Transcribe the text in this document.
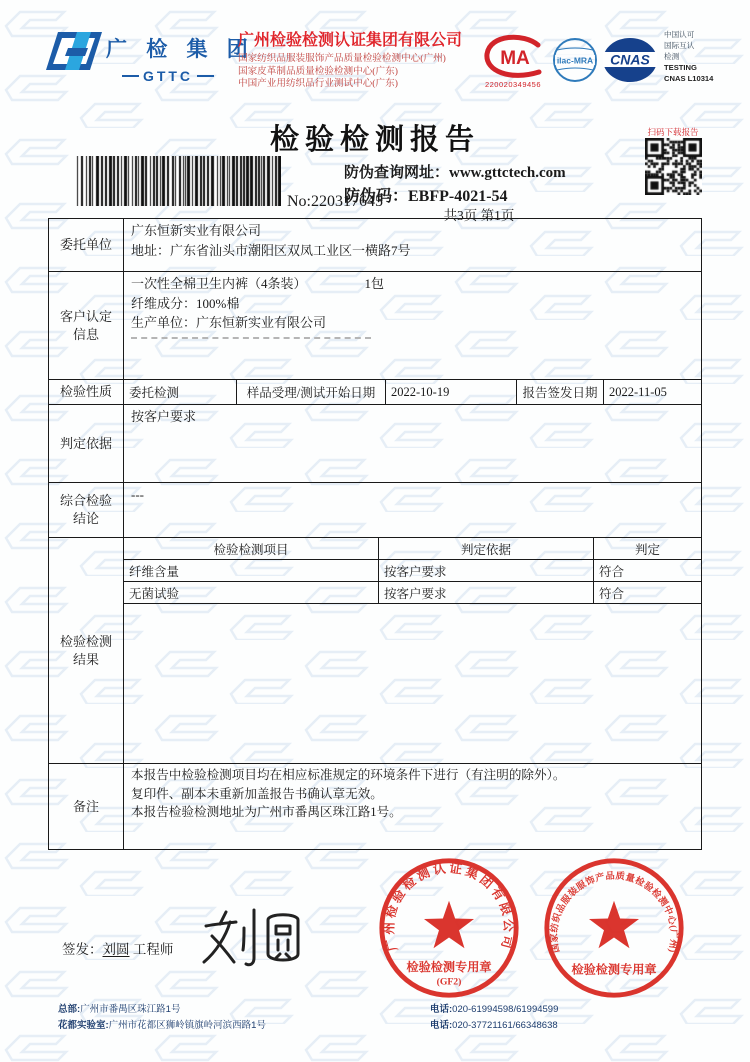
广 检 集 团
GTTC
广州检验检测认证集团有限公司
国家纺织品服装服饰产品质量检验检测中心(广州)
国家皮革制品质量检验检测中心(广东)
中国产业用纺织品行业测试中心(广东)
MA
220020349456
ilac-MRA CNAS
中国认可
国际互认
检测
TESTING
CNAS L10314
检验检测报告
No:220317645
防伪查询网址：www.gttctech.com
防伪码：EBFP-4021-54
共3页 第1页
扫码下载报告
委托单位
广东恒新实业有限公司
地址：广东省汕头市潮阳区双凤工业区一横路7号
客户认定信息
一次性全棉卫生内裤（4条装）	1包
纤维成分：100%棉
生产单位：广东恒新实业有限公司
检验性质	委托检测	样品受理/测试开始日期	2022-10-19	报告签发日期 2022-11-05
判定依据
按客户要求
综合检验结论
---
检验检测结果
检验检测项目	判定依据	判定
纤维含量	按客户要求	符合
无菌试验	按客户要求	符合
备注
本报告中检验检测项目均在相应标准规定的环境条件下进行（有注明的除外）。
复印件、副本未重新加盖报告书确认章无效。
本报告检验检测地址为广州市番禺区珠江路1号。
签发：刘圆 工程师	广州检验检测认证集团有限公司
检验检测专用章
(GF2)
国家纺织品服装服饰产品质量检验检测中心(广州)
检验检测专用章
总部:广州市番禺区珠江路1号	电话:020-61994598/61994599
花都实验室:广州市花都区狮岭镇旗岭河滨西路1号	电话:020-37721161/66348638
